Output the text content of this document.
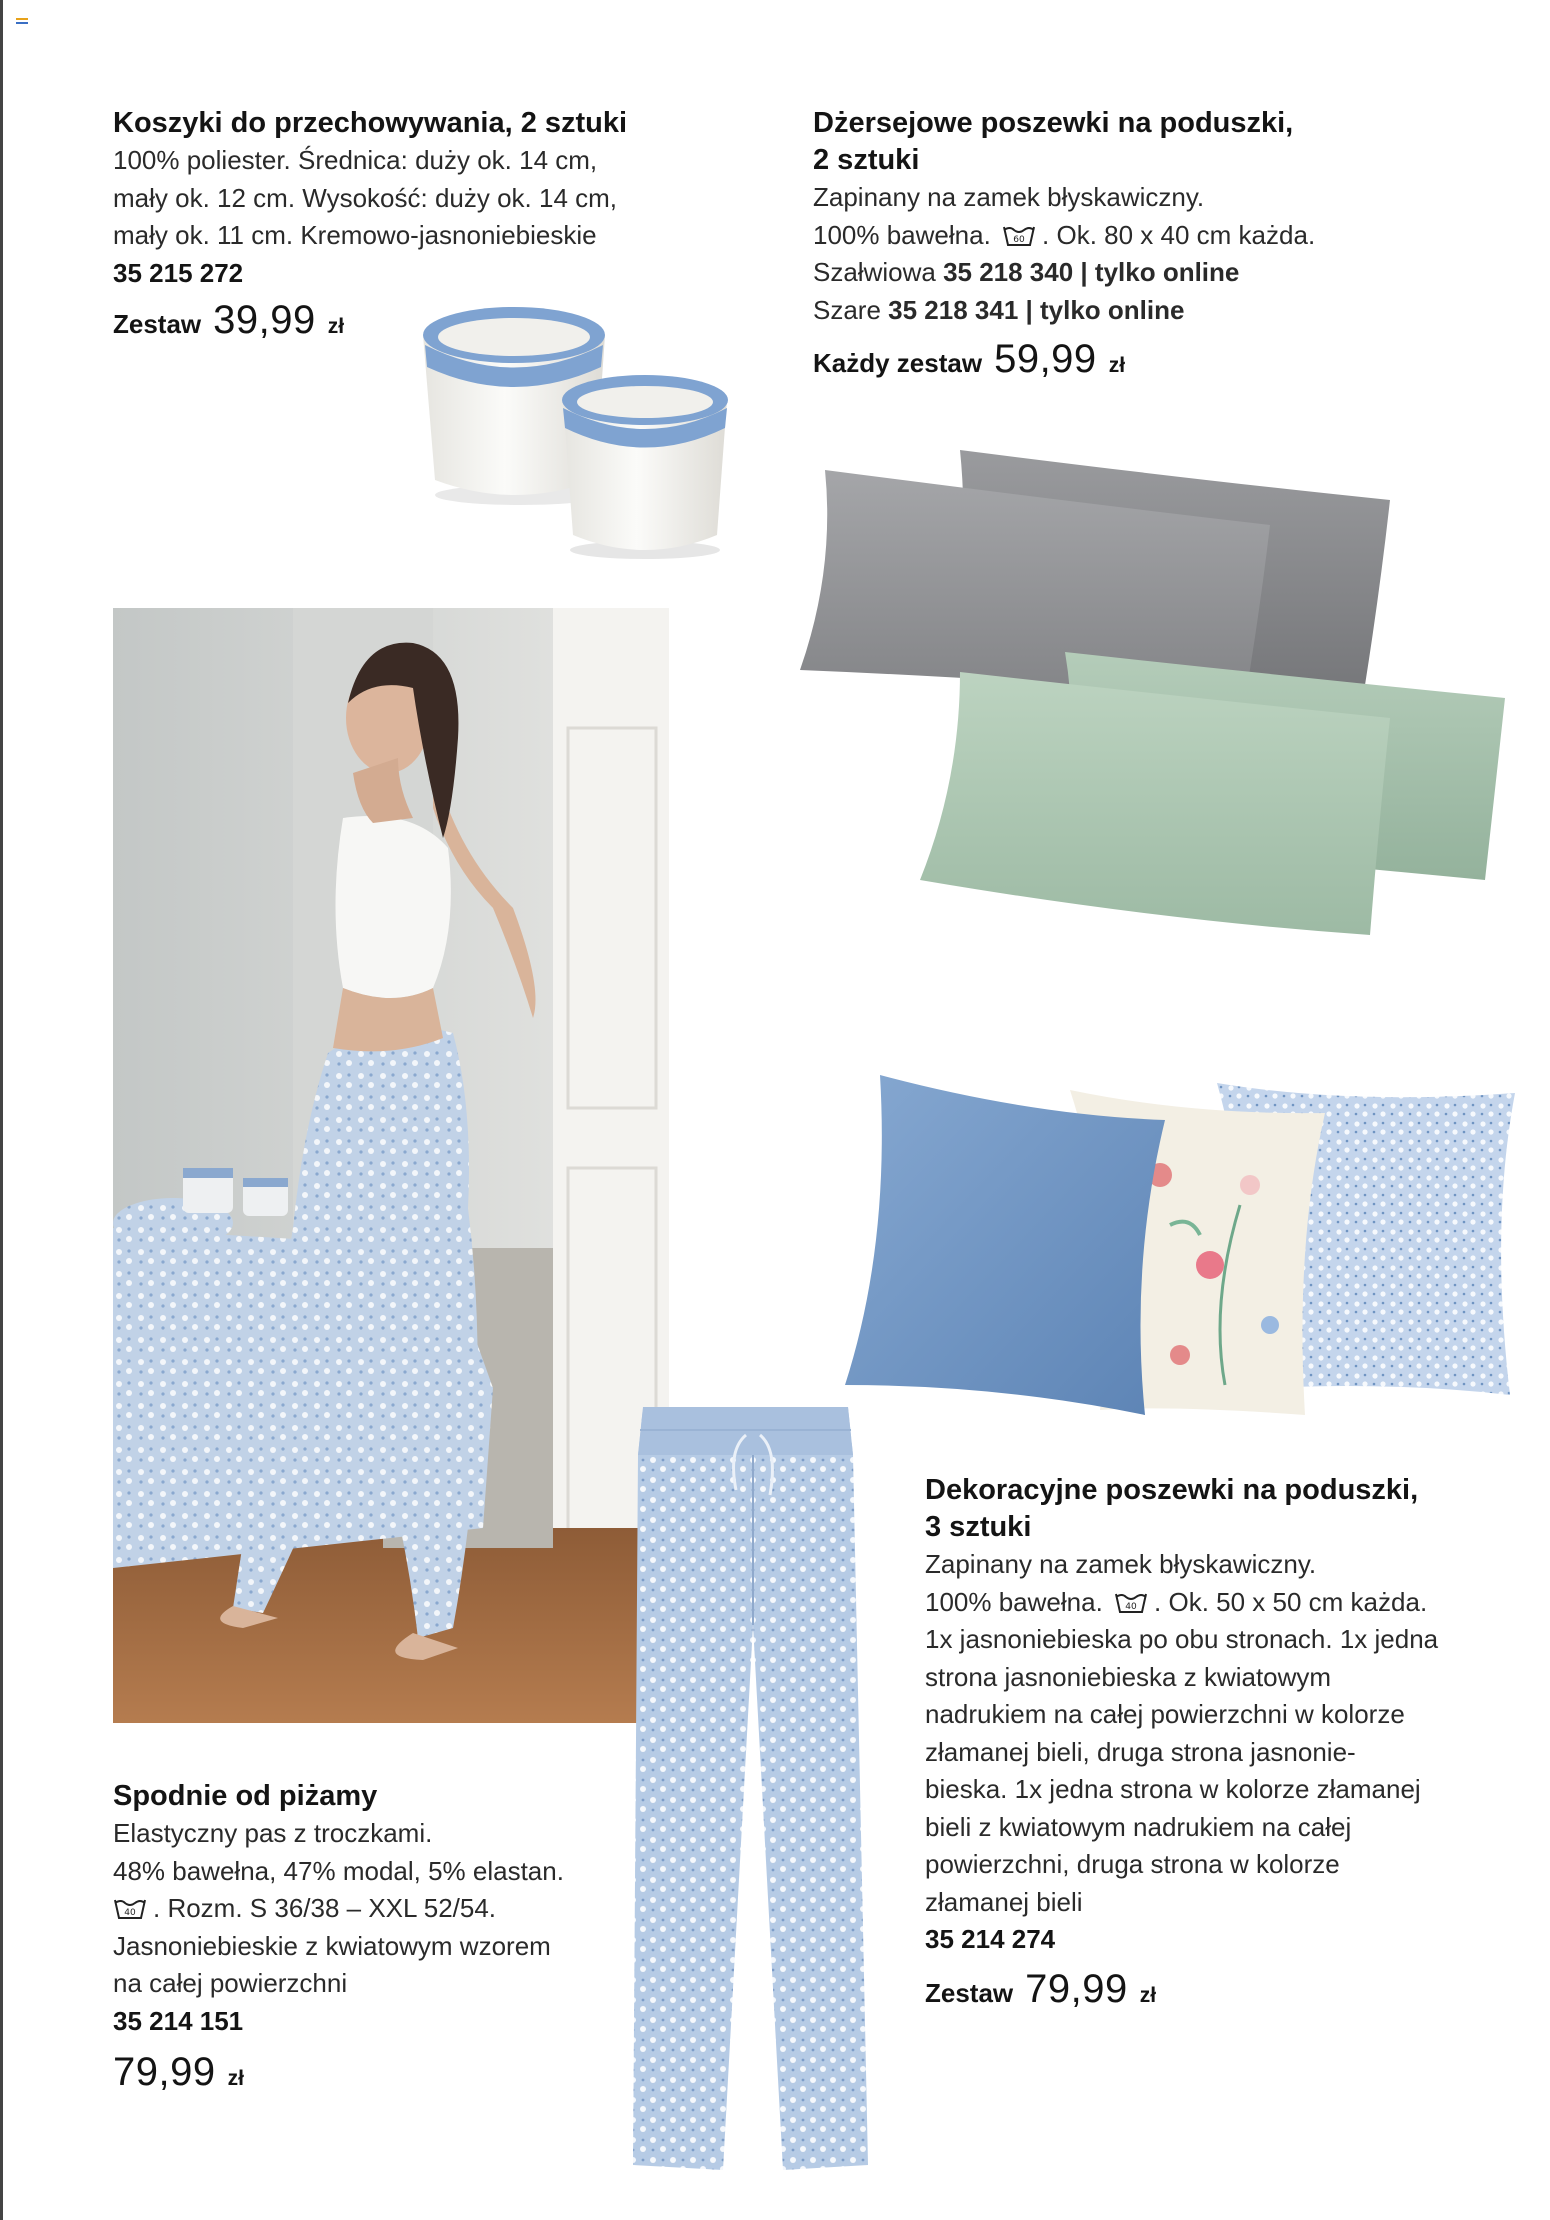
Koszyki do przechowywania, 2 sztuki
100% poliester. Średnica: duży ok. 14 cm,
mały ok. 12 cm. Wysokość: duży ok. 14 cm,
mały ok. 11 cm. Kremowo-jasnoniebieskie
35 215 272
Zestaw 39,99 zł
Dżersejowe poszewki na poduszki,
2 sztuki
Zapinany na zamek błyskawiczny.
100% bawełna.	60 . Ok. 80 x 40 cm każda.
Szałwiowa 35 218 340 | tylko online
Szare 35 218 341 | tylko online
Każdy zestaw 59,99 zł
Spodnie od piżamy
Elastyczny pas z troczkami.
48% bawełna, 47% modal, 5% elastan.
40 . Rozm. S 36/38 – XXL 52/54.
Jasnoniebieskie z kwiatowym wzorem
na całej powierzchni
35 214 151
79,99 zł
Dekoracyjne poszewki na poduszki,
3 sztuki
Zapinany na zamek błyskawiczny.
100% bawełna.	40 . Ok. 50 x 50 cm każda.
1x jasnoniebieska po obu stronach. 1x jedna
strona jasnoniebieska z kwiatowym
nadrukiem na całej powierzchni w kolorze
złamanej bieli, druga strona jasnonie-
bieska. 1x jedna strona w kolorze złamanej
bieli z kwiatowym nadrukiem na całej
powierzchni, druga strona w kolorze
złamanej bieli
35 214 274
Zestaw 79,99 zł
